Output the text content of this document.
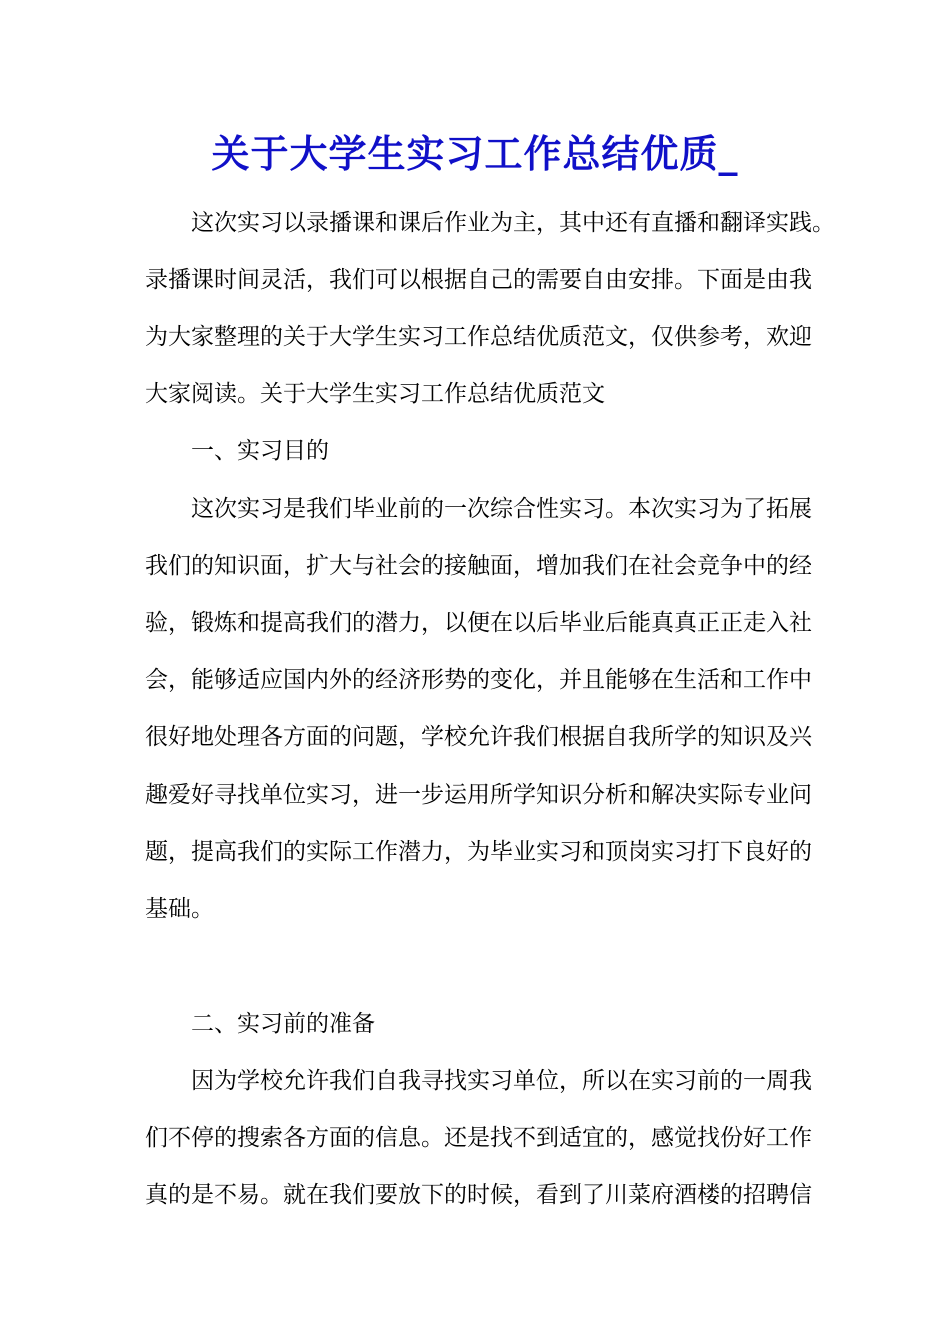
关于大学生实习工作总结优质_

这次实习以录播课和课后作业为主，其中还有直播和翻译实践。

录播课时间灵活，我们可以根据自己的需要自由安排。下面是由我

为大家整理的关于大学生实习工作总结优质范文，仅供参考，欢迎

大家阅读。关于大学生实习工作总结优质范文

一、实习目的

这次实习是我们毕业前的一次综合性实习。本次实习为了拓展

我们的知识面，扩大与社会的接触面，增加我们在社会竞争中的经

验，锻炼和提高我们的潜力，以便在以后毕业后能真真正正走入社

会，能够适应国内外的经济形势的变化，并且能够在生活和工作中

很好地处理各方面的问题，学校允许我们根据自我所学的知识及兴

趣爱好寻找单位实习，进一步运用所学知识分析和解决实际专业问

题，提高我们的实际工作潜力，为毕业实习和顶岗实习打下良好的

基础。

二、实习前的准备

因为学校允许我们自我寻找实习单位，所以在实习前的一周我

们不停的搜索各方面的信息。还是找不到适宜的，感觉找份好工作

真的是不易。就在我们要放下的时候，看到了川菜府酒楼的招聘信
